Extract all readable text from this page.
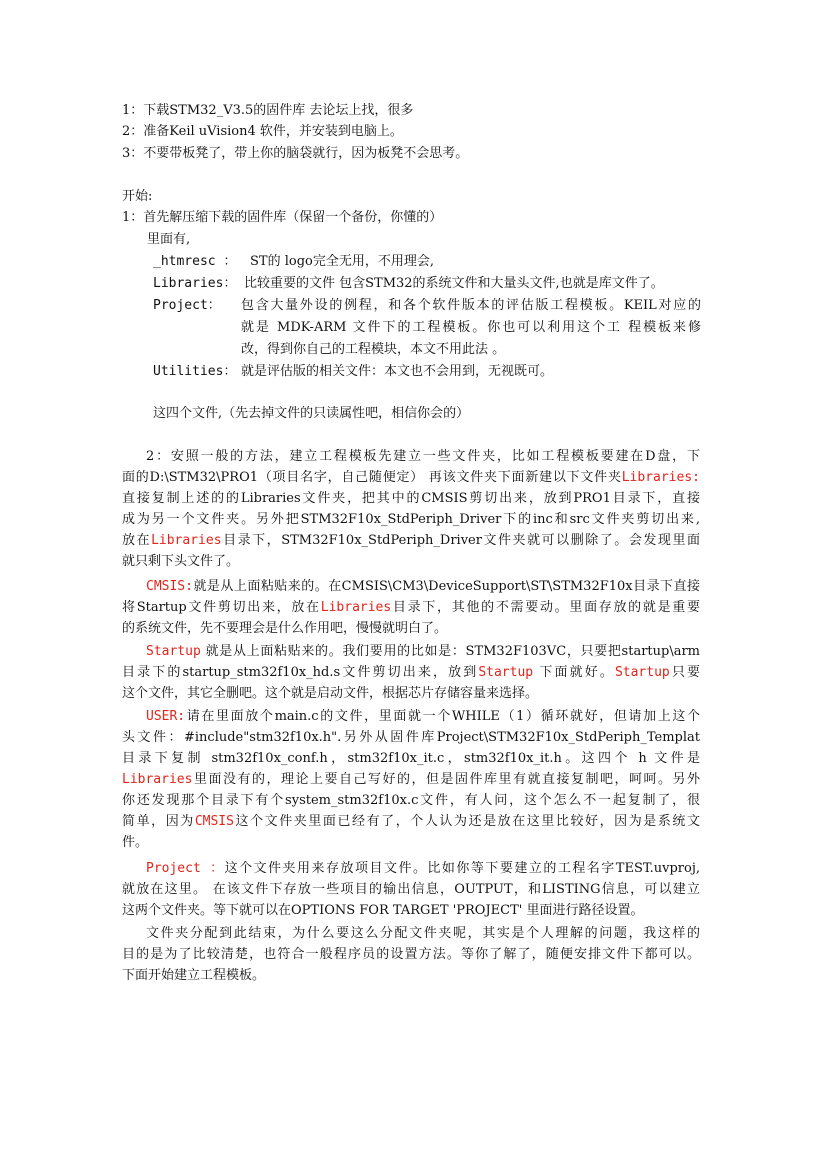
1：下载STM32_V3.5的固件库 去论坛上找，很多
2：准备Keil uVision4 软件，并安装到电脑上。
3：不要带板凳了，带上你的脑袋就行，因为板凳不会思考。
开始:
1：首先解压缩下载的固件库（保留一个备份，你懂的）
里面有,
_htmresc ： ST的 logo完全无用，不用理会,
Libraries： 比较重要的文件 包含STM32的系统文件和大量头文件,也就是库文件了。
Project： 包含大量外设的例程，和各个软件版本的评估版工程模板。KEIL对应的
就是 MDK-ARM 文件下的工程模板。你也可以利用这个工 程模板来修
改，得到你自己的工程模块，本文不用此法 。
Utilities： 就是评估版的相关文件：本文也不会用到，无视既可。
这四个文件,（先去掉文件的只读属性吧，相信你会的）
2：安照一般的方法，建立工程模板先建立一些文件夹，比如工程模板要建在D盘，下
面的D:\STM32\PRO1（项目名字，自己随便定） 再该文件夹下面新建以下文件夹Libraries:
直接复制上述的的Libraries文件夹，把其中的CMSIS剪切出来，放到PRO1目录下，直接
成为另一个文件夹。另外把STM32F10x_StdPeriph_Driver下的inc和src文件夹剪切出来,
放在Libraries目录下，STM32F10x_StdPeriph_Driver文件夹就可以删除了。会发现里面
就只剩下头文件了。
CMSIS:就是从上面粘贴来的。在CMSIS\CM3\DeviceSupport\ST\STM32F10x目录下直接
将Startup文件剪切出来，放在Libraries目录下，其他的不需要动。里面存放的就是重要
的系统文件，先不要理会是什么作用吧，慢慢就明白了。
Startup 就是从上面粘贴来的。我们要用的比如是：STM32F103VC，只要把startup\arm
目录下的startup_stm32f10x_hd.s文件剪切出来，放到Startup 下面就好。Startup只要
这个文件，其它全删吧。这个就是启动文件，根据芯片存储容量来选择。
USER:请在里面放个main.c的文件，里面就一个WHILE（1）循环就好，但请加上这个
头文件：#include"stm32f10x.h".另外从固件库Project\STM32F10x_StdPeriph_Templat
目录下复制 stm32f10x_conf.h，stm32f10x_it.c，stm32f10x_it.h。这四个 h 文件是
Libraries里面没有的，理论上要自己写好的，但是固件库里有就直接复制吧，呵呵。另外
你还发现那个目录下有个system_stm32f10x.c文件，有人问，这个怎么不一起复制了，很
简单，因为CMSIS这个文件夹里面已经有了，个人认为还是放在这里比较好，因为是系统文
件。
Project ：这个文件夹用来存放项目文件。比如你等下要建立的工程名字TEST.uvproj,
就放在这里。 在该文件下存放一些项目的输出信息，OUTPUT，和LISTING信息，可以建立
这两个文件夹。等下就可以在OPTIONS FOR TARGET 'PROJECT' 里面进行路径设置。
文件夹分配到此结束，为什么要这么分配文件夹呢，其实是个人理解的问题，我这样的
目的是为了比较清楚，也符合一般程序员的设置方法。等你了解了，随便安排文件下都可以。
下面开始建立工程模板。
